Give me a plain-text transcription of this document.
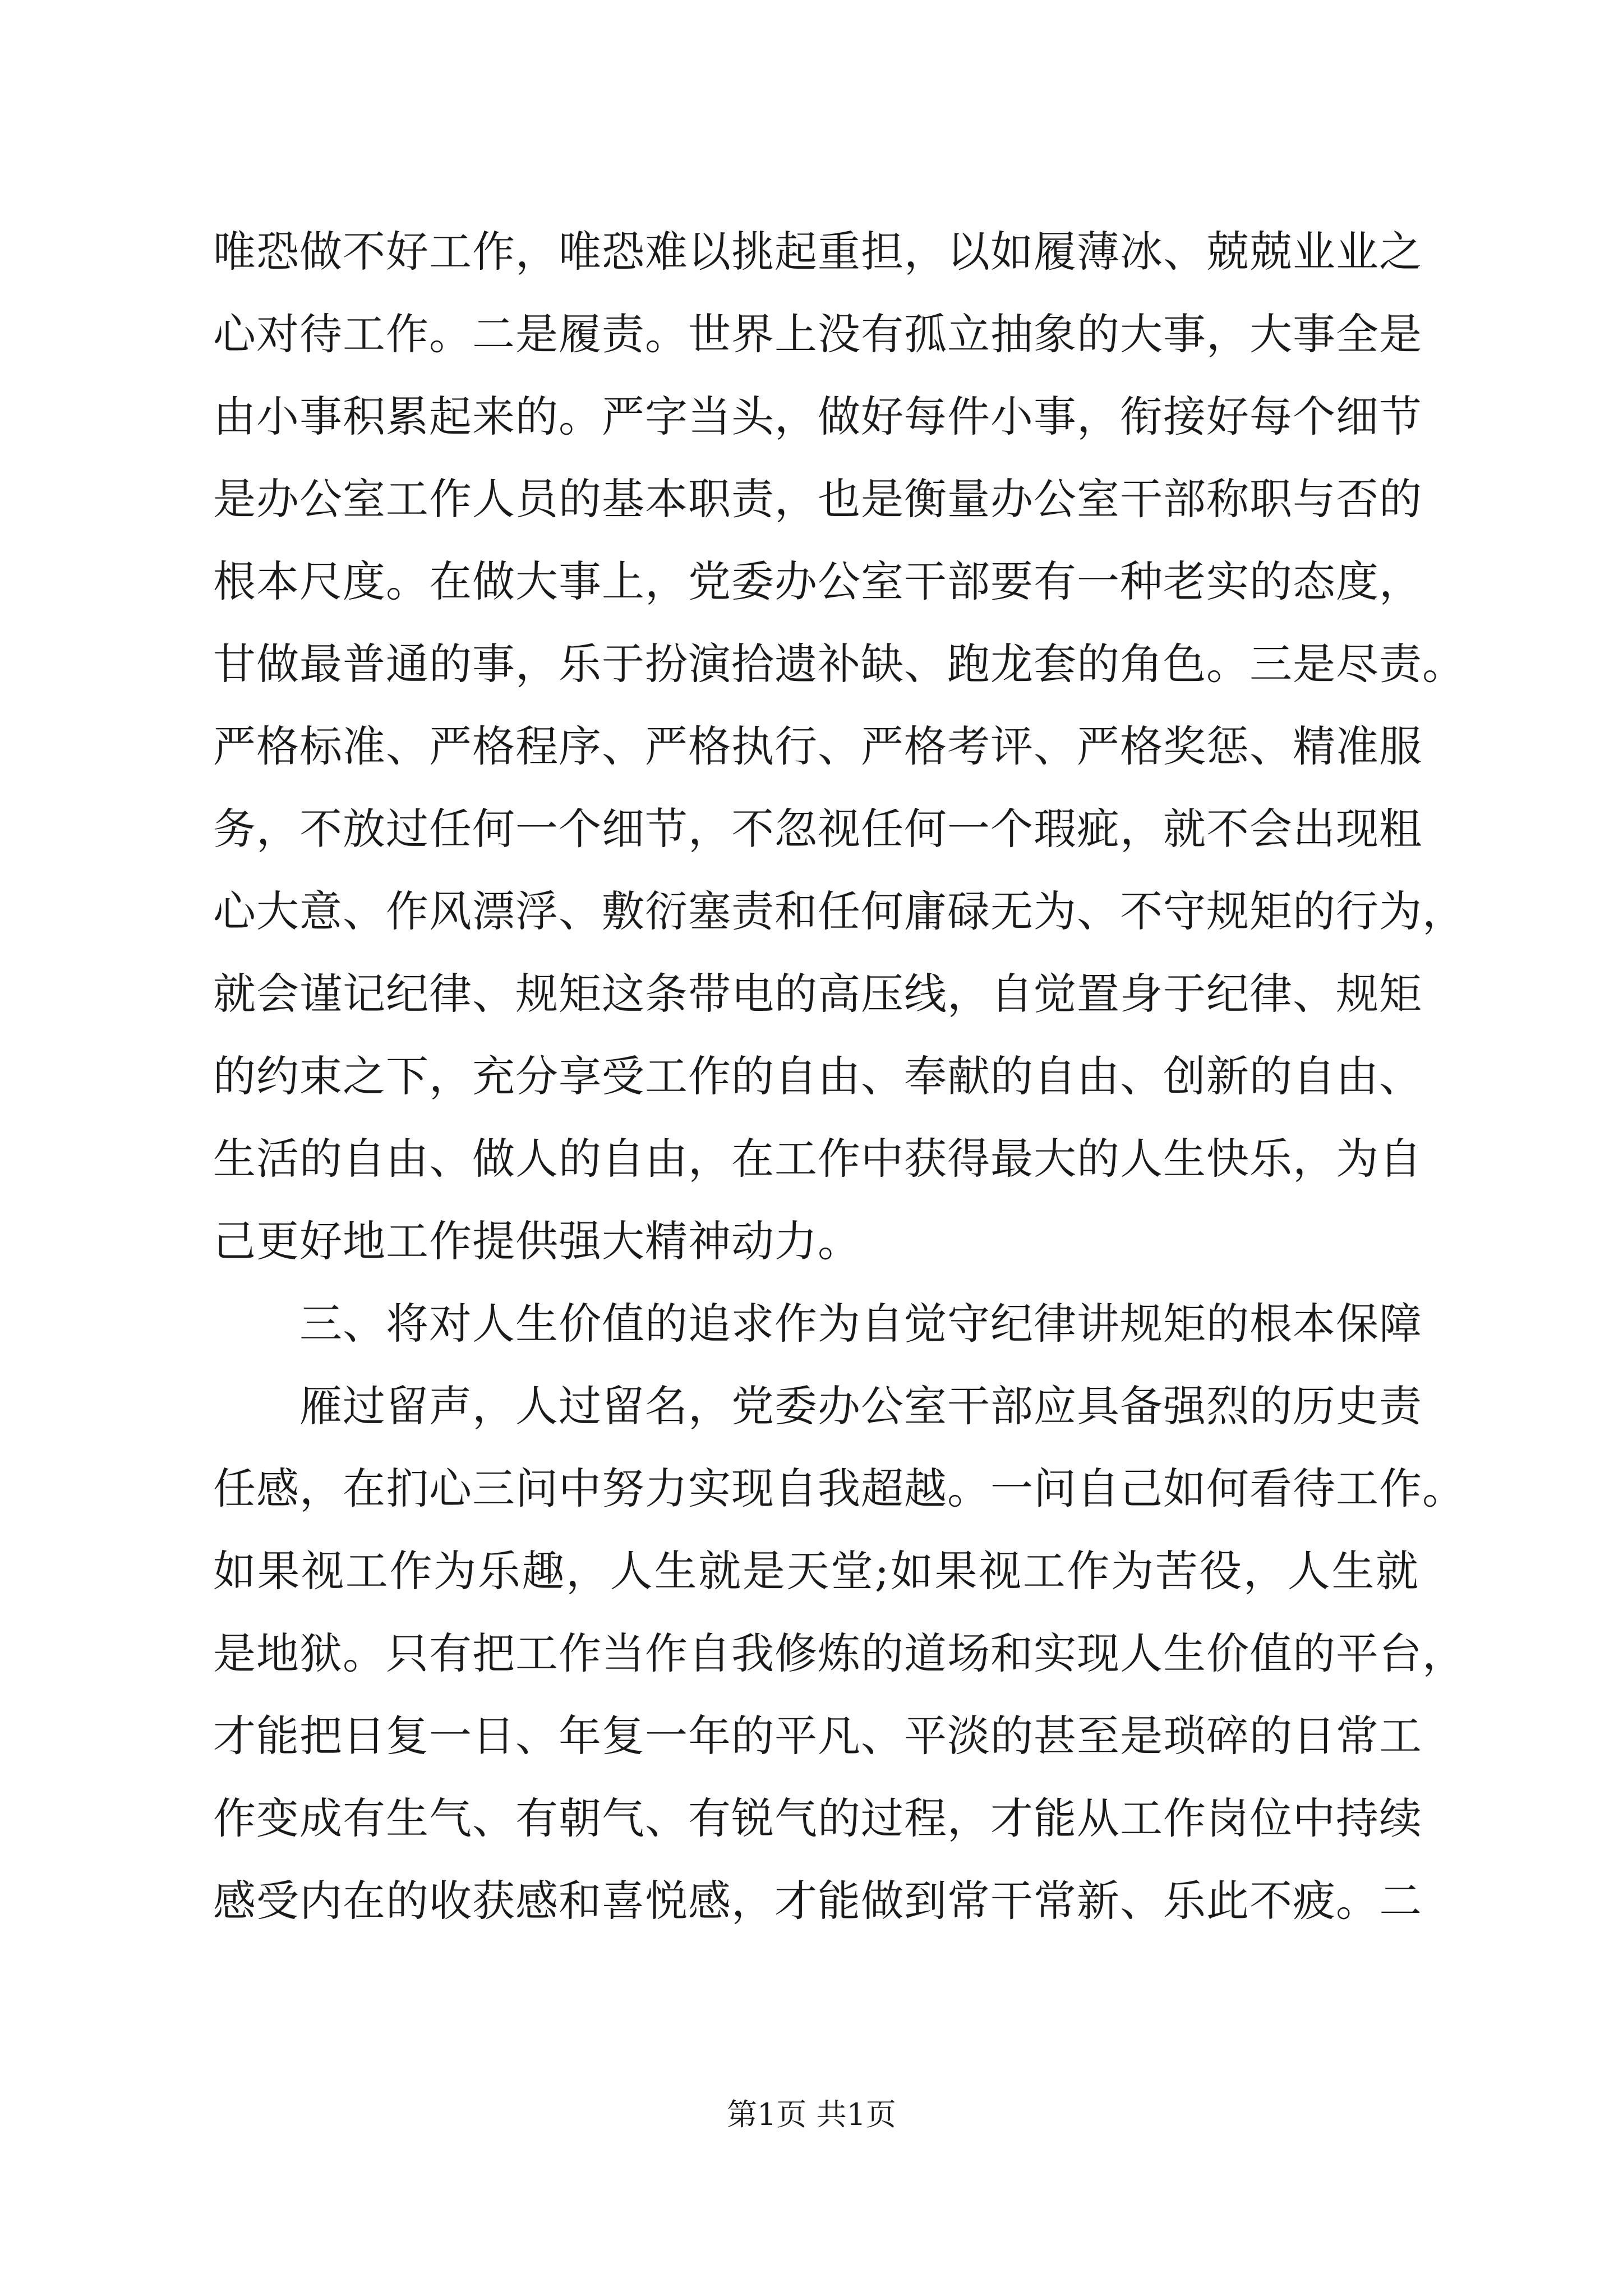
唯恐做不好工作，唯恐难以挑起重担，以如履薄冰、兢兢业业之
心对待工作。二是履责。世界上没有孤立抽象的大事，大事全是
由小事积累起来的。严字当头，做好每件小事，衔接好每个细节
是办公室工作人员的基本职责，也是衡量办公室干部称职与否的
根本尺度。在做大事上，党委办公室干部要有一种老实的态度，
甘做最普通的事，乐于扮演拾遗补缺、跑龙套的角色。三是尽责。
严格标准、严格程序、严格执行、严格考评、严格奖惩、精准服
务，不放过任何一个细节，不忽视任何一个瑕疵，就不会出现粗
心大意、作风漂浮、敷衍塞责和任何庸碌无为、不守规矩的行为，
就会谨记纪律、规矩这条带电的高压线，自觉置身于纪律、规矩
的约束之下，充分享受工作的自由、奉献的自由、创新的自由、
生活的自由、做人的自由，在工作中获得最大的人生快乐，为自
己更好地工作提供强大精神动力。
　　三、将对人生价值的追求作为自觉守纪律讲规矩的根本保障
　　雁过留声，人过留名，党委办公室干部应具备强烈的历史责
任感，在扪心三问中努力实现自我超越。一问自己如何看待工作。
如果视工作为乐趣，人生就是天堂;如果视工作为苦役，人生就
是地狱。只有把工作当作自我修炼的道场和实现人生价值的平台，
才能把日复一日、年复一年的平凡、平淡的甚至是琐碎的日常工
作变成有生气、有朝气、有锐气的过程，才能从工作岗位中持续
感受内在的收获感和喜悦感，才能做到常干常新、乐此不疲。二
第1页 共1页
